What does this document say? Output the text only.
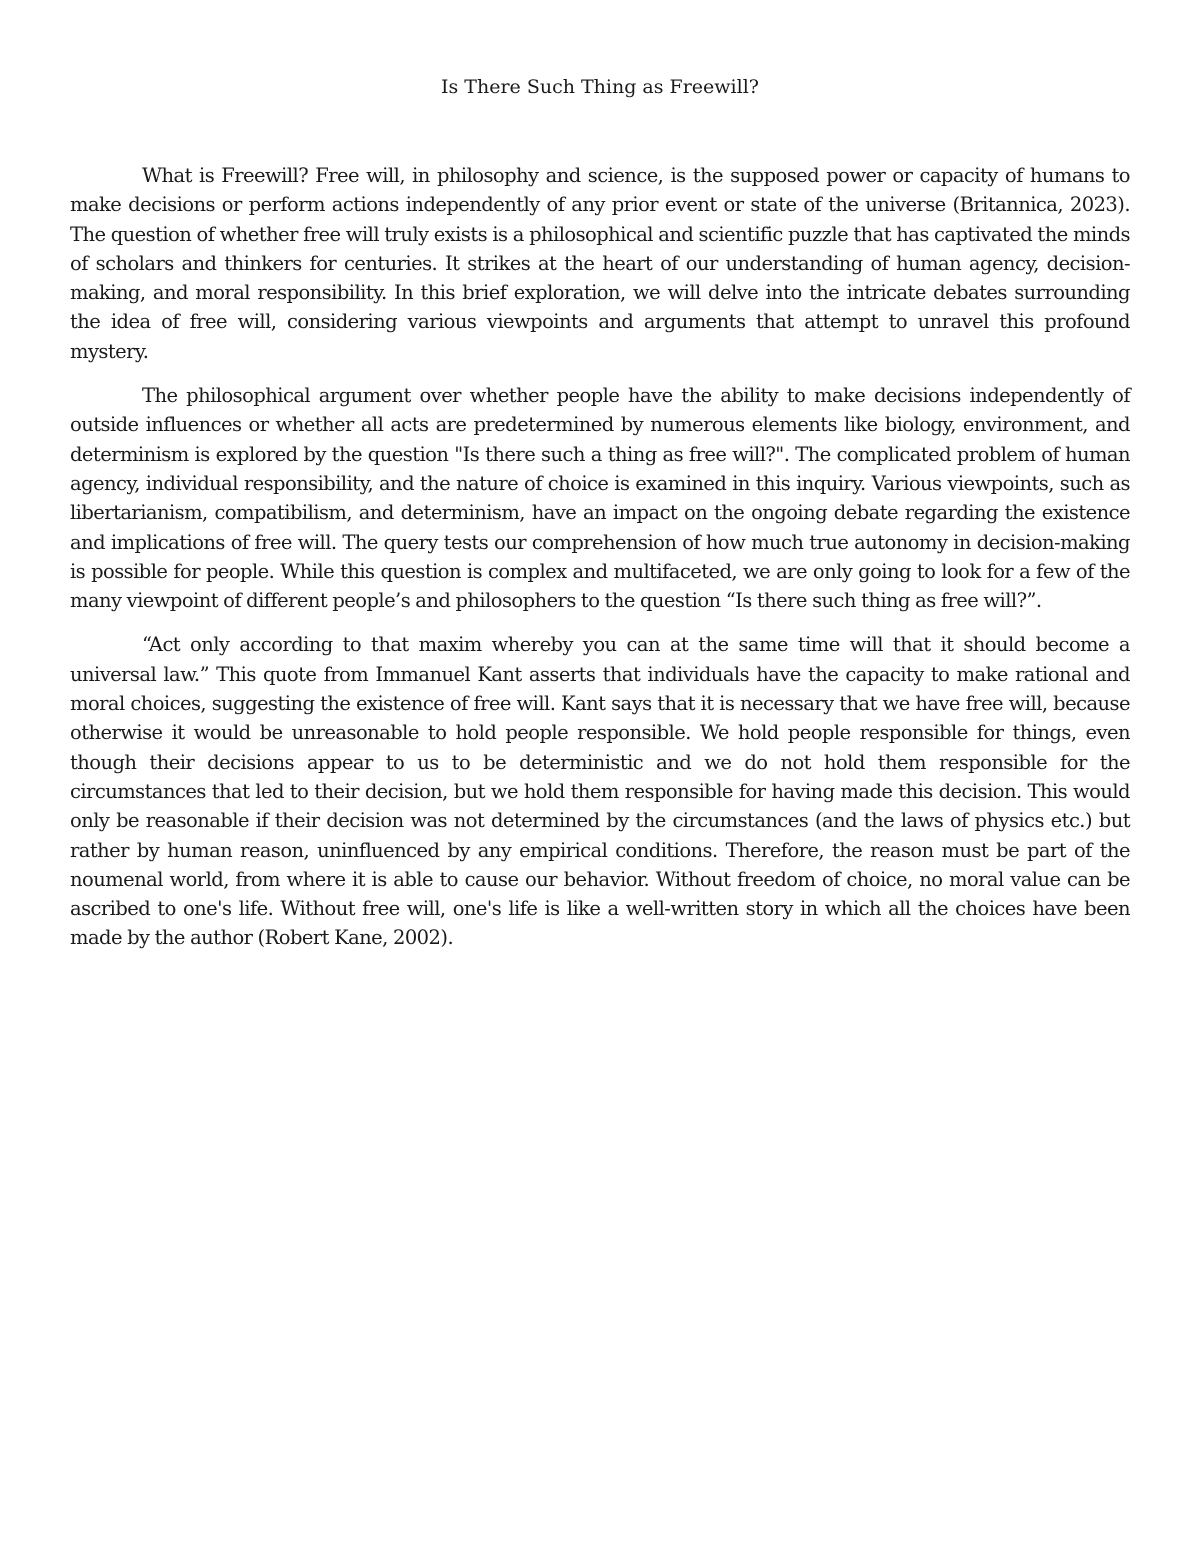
Is There Such Thing as Freewill?

What is Freewill? Free will, in philosophy and science, is the supposed power or capacity of humans to make decisions or perform actions independently of any prior event or state of the universe (Britannica, 2023). The question of whether free will truly exists is a philosophical and scientific puzzle that has captivated the minds of scholars and thinkers for centuries. It strikes at the heart of our understanding of human agency, decision-making, and moral responsibility. In this brief exploration, we will delve into the intricate debates surrounding the idea of free will, considering various viewpoints and arguments that attempt to unravel this profound mystery.

The philosophical argument over whether people have the ability to make decisions independently of outside influences or whether all acts are predetermined by numerous elements like biology, environment, and determinism is explored by the question "Is there such a thing as free will?". The complicated problem of human agency, individual responsibility, and the nature of choice is examined in this inquiry. Various viewpoints, such as libertarianism, compatibilism, and determinism, have an impact on the ongoing debate regarding the existence and implications of free will. The query tests our comprehension of how much true autonomy in decision-making is possible for people. While this question is complex and multifaceted, we are only going to look for a few of the many viewpoint of different people’s and philosophers to the question “Is there such thing as free will?”.

“Act only according to that maxim whereby you can at the same time will that it should become a universal law.” This quote from Immanuel Kant asserts that individuals have the capacity to make rational and moral choices, suggesting the existence of free will. Kant says that it is necessary that we have free will, because otherwise it would be unreasonable to hold people responsible. We hold people responsible for things, even though their decisions appear to us to be deterministic and we do not hold them responsible for the circumstances that led to their decision, but we hold them responsible for having made this decision. This would only be reasonable if their decision was not determined by the circumstances (and the laws of physics etc.) but rather by human reason, uninfluenced by any empirical conditions. Therefore, the reason must be part of the noumenal world, from where it is able to cause our behavior. Without freedom of choice, no moral value can be ascribed to one's life. Without free will, one's life is like a well-written story in which all the choices have been made by the author (Robert Kane, 2002).
